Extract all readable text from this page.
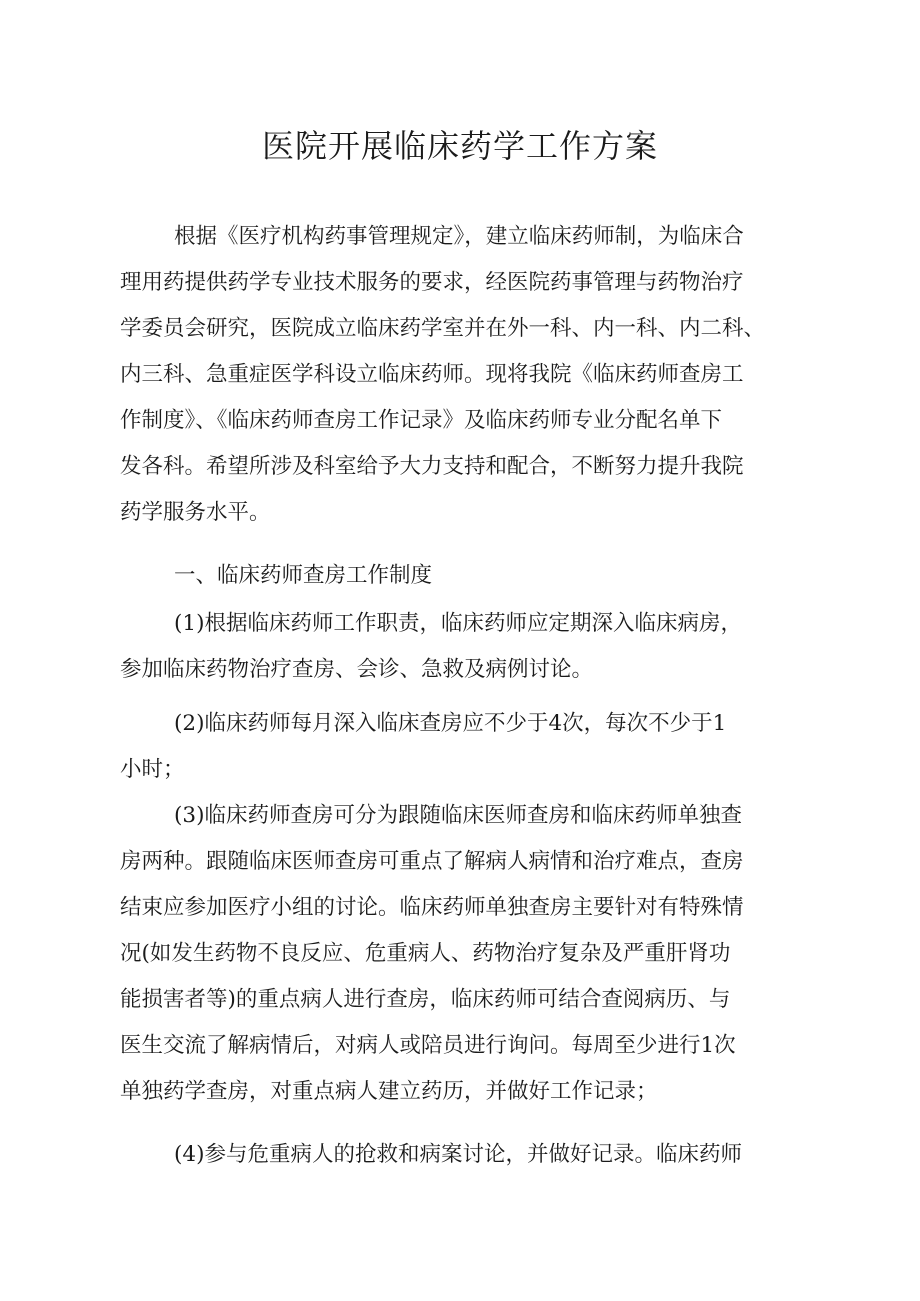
医院开展临床药学工作方案
根据《医疗机构药事管理规定》，建立临床药师制，为临床合
理用药提供药学专业技术服务的要求，经医院药事管理与药物治疗
学委员会研究，医院成立临床药学室并在外一科、内一科、内二科、
内三科、急重症医学科设立临床药师。现将我院《临床药师查房工
作制度》、《临床药师查房工作记录》及临床药师专业分配名单下
发各科。希望所涉及科室给予大力支持和配合，不断努力提升我院
药学服务水平。
一、临床药师查房工作制度
(1)根据临床药师工作职责，临床药师应定期深入临床病房，
参加临床药物治疗查房、会诊、急救及病例讨论。
(2)临床药师每月深入临床查房应不少于4次，每次不少于1
小时；
(3)临床药师查房可分为跟随临床医师查房和临床药师单独查
房两种。跟随临床医师查房可重点了解病人病情和治疗难点，查房
结束应参加医疗小组的讨论。临床药师单独查房主要针对有特殊情
况(如发生药物不良反应、危重病人、药物治疗复杂及严重肝肾功
能损害者等)的重点病人进行查房，临床药师可结合查阅病历、与
医生交流了解病情后，对病人或陪员进行询问。每周至少进行1次
单独药学查房，对重点病人建立药历，并做好工作记录；
(4)参与危重病人的抢救和病案讨论，并做好记录。临床药师
